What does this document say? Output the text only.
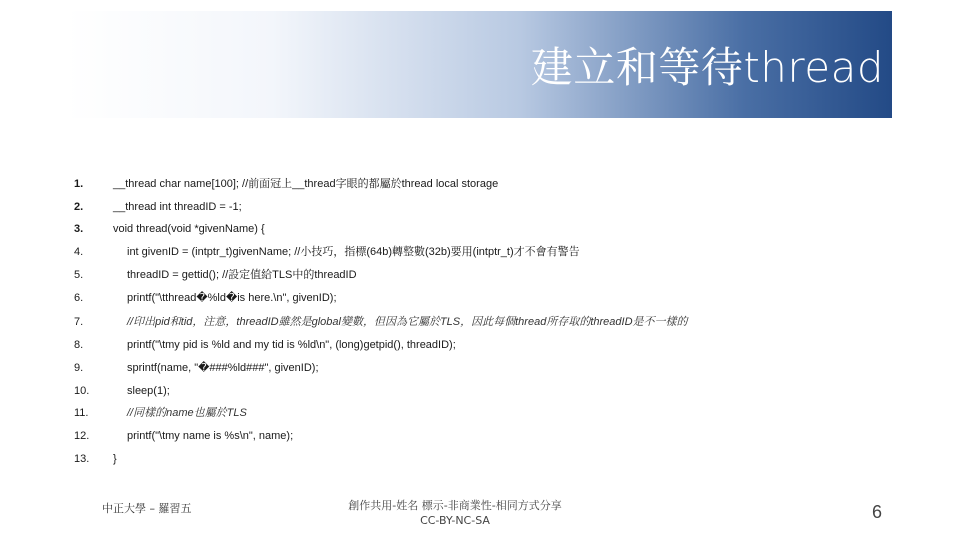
建立和等待thread
1.	__thread char name[100]; //前面冠上__thread字眼的都屬於thread local storage
2.	__thread int threadID = -1;
3.	void thread(void *givenName) {
4.	int givenID = (intptr_t)givenName; //小技巧，指標(64b)轉整數(32b)要用(intptr_t)才不會有警告
5.	threadID = gettid(); //設定值給TLS中的threadID
6.	printf("\tthread�%ld�is here.\n", givenID);
7.	//印出pid和tid，注意，threadID雖然是global變數，但因為它屬於TLS，因此每個thread所存取的threadID是不一樣的
8.	printf("\tmy pid is %ld and my tid is %ld\n", (long)getpid(), threadID);
9.	sprintf(name, "�###%ld###", givenID);
10.	sleep(1);
11.	//同樣的name也屬於TLS
12.	printf("\tmy name is %s\n", name);
13. }
中正大學 – 羅習五	創作共用-姓名 標示-非商業性-相同方式分享
CC-BY-NC-SA	6
